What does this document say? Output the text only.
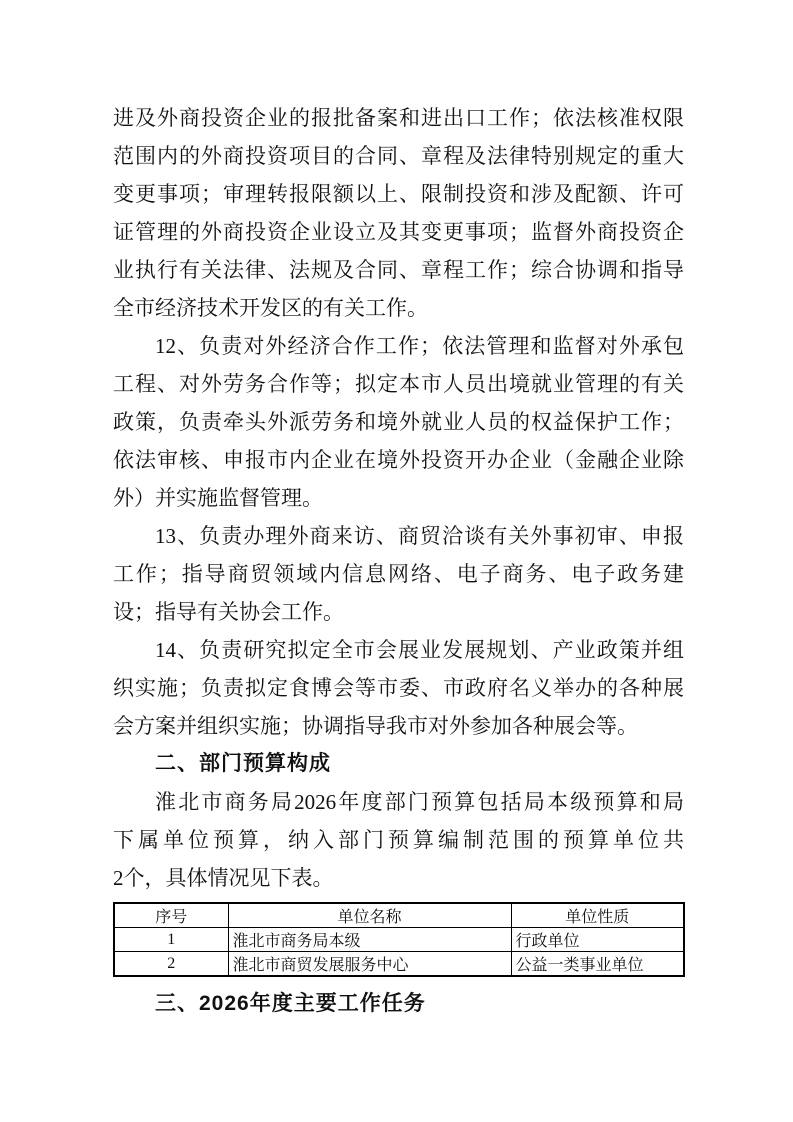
进及外商投资企业的报批备案和进出口工作；依法核准权限
范围内的外商投资项目的合同、章程及法律特别规定的重大
变更事项；审理转报限额以上、限制投资和涉及配额、许可
证管理的外商投资企业设立及其变更事项；监督外商投资企
业执行有关法律、法规及合同、章程工作；综合协调和指导
全市经济技术开发区的有关工作。

12、负责对外经济合作工作；依法管理和监督对外承包
工程、对外劳务合作等；拟定本市人员出境就业管理的有关
政策，负责牵头外派劳务和境外就业人员的权益保护工作；
依法审核、申报市内企业在境外投资开办企业（金融企业除
外）并实施监督管理。

13、负责办理外商来访、商贸洽谈有关外事初审、申报
工作；指导商贸领域内信息网络、电子商务、电子政务建
设；指导有关协会工作。

14、负责研究拟定全市会展业发展规划、产业政策并组
织实施；负责拟定食博会等市委、市政府名义举办的各种展
会方案并组织实施；协调指导我市对外参加各种展会等。

二、部门预算构成

淮北市商务局2026年度部门预算包括局本级预算和局
下属单位预算，纳入部门预算编制范围的预算单位共
2个，具体情况见下表。

序号	单位名称	单位性质
1	淮北市商务局本级	行政单位
2	淮北市商贸发展服务中心	公益一类事业单位
三、2026年度主要工作任务
